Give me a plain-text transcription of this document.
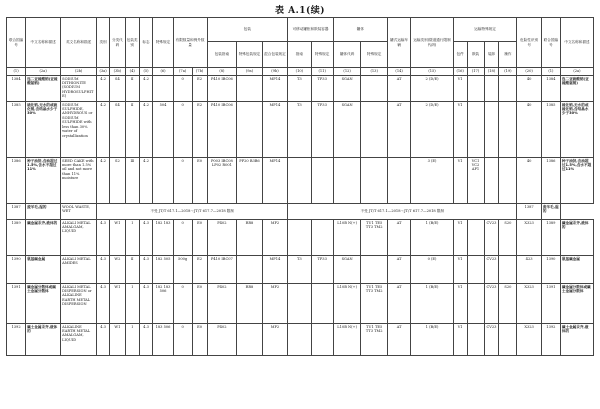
表 A.1(续)
联合国编号	中文名称和描述	英文名称和描述	类别	分类代码	包装类别	标志	特殊规定	有限数量和例外数量		包装			可移动罐柜和散装容器		罐体		罐式运输车辆	运输类别(隧道通行限制代码)	运输特殊规定				危险性识别号	联合国编号	中文名称和描述
										包装指南	特殊包装规定	混合包装规定	指南	特殊规定	罐体代码	特殊规定			包件	散装	装卸	操作			
(1)	(2a)	(2b)	(3a)	(3b)	(4)	(5)	(6)	(7a)	(7b)	(8)	(9a)	(9b)	(10)	(11)	(12)	(13)	(14)	(15)	(16)	(17)	(18)	(19)	(20)	(1)	(2a)
1384	连二亚硫酸钠(亚硫酸氢钠)	SODIUM DITHIONITE (SODIUM HYDROSULPHITE)	4.2	S4	Ⅱ	4.2		0	E2	P410 IBC06		MP14	T3	TP33	SGAN		AT	2 (D/E)	V1				40	1384	连二亚硫酸钠(亚硫酸氢钠)
1385	硫化钠,无水的或硫化钠,含结晶水少于30%	SODIUM SULPHIDE, ANHYDROUS or SODIUM SULPHIDE with less than 30% water of crystallization	4.2	S4	Ⅱ	4.2	504	0	E2	P410 IBC06		MP14	T3	TP33	SGAN		AT	2 (D/E)	V1				40	1385	硫化钠,无水的或硫化钠,含结晶水少于30%
1386	种子油饼,含油超过1.5%,含水不超过11%	SEED CAKE with more than 1.5% oil and not more than 11% moisture	4.2	S2	Ⅲ	4.2		0	E0	P003 IBC08 LP02 R001	PP20 B3B6	MP14						3 (E)	V1	VC1 VC2 AP1			40	1386	种子油饼,含油超过1.5%,含水不超过11%
1387	废羊毛,湿的	WOOL WASTE, WET	不受 JT/T 617.1—2018～JT/T 617.7—2018 限制										不受 JT/T 617.1—2018～JT/T 617.7—2018 限制										1387	废羊毛,湿的	
1389	碱金属汞齐,液体的	ALKALI METAL AMALGAM, LIQUID	4.3	W1	Ⅰ	4.3	182 183	0	E0	P402	RR8	MP2			L10B N(+)	TU1 TE5 TT3 TM2	AT	1 (B/E)	V1		CV23	S20	X323	1389	碱金属汞齐,液体的
1390	氨基碱金属	ALKALI METAL AMIDES	4.3	W2	Ⅱ	4.3	182 505	500g	E2	P410 IBC07		MP14	T3	TP33	SGAN		AT	0 (E)	V1		CV23		423	1390	氨基碱金属
1391	碱金属分散体或碱土金属分散体	ALKALI METAL DISPERSION or ALKALINE EARTH METAL DISPERSION	4.3	W1	Ⅰ	4.3	182 183 506	0	E0	P402	RR8	MP2			L10B N(+)	TU1 TE5 TT3 TM2	AT	1 (B/E)	V1		CV23	S20	X323	1391	碱金属分散体或碱土金属分散体
1392	碱土金属汞齐,液体的	ALKALINE EARTH METAL AMALGAM, LIQUID	4.3	W1	Ⅰ	4.3	183 506	0	E0	P402		MP2			L10B N(+)	TU1 TE5 TT3 TM2	AT	1 (B/E)	V1		CV23		X323	1392	碱土金属汞齐,液体的
